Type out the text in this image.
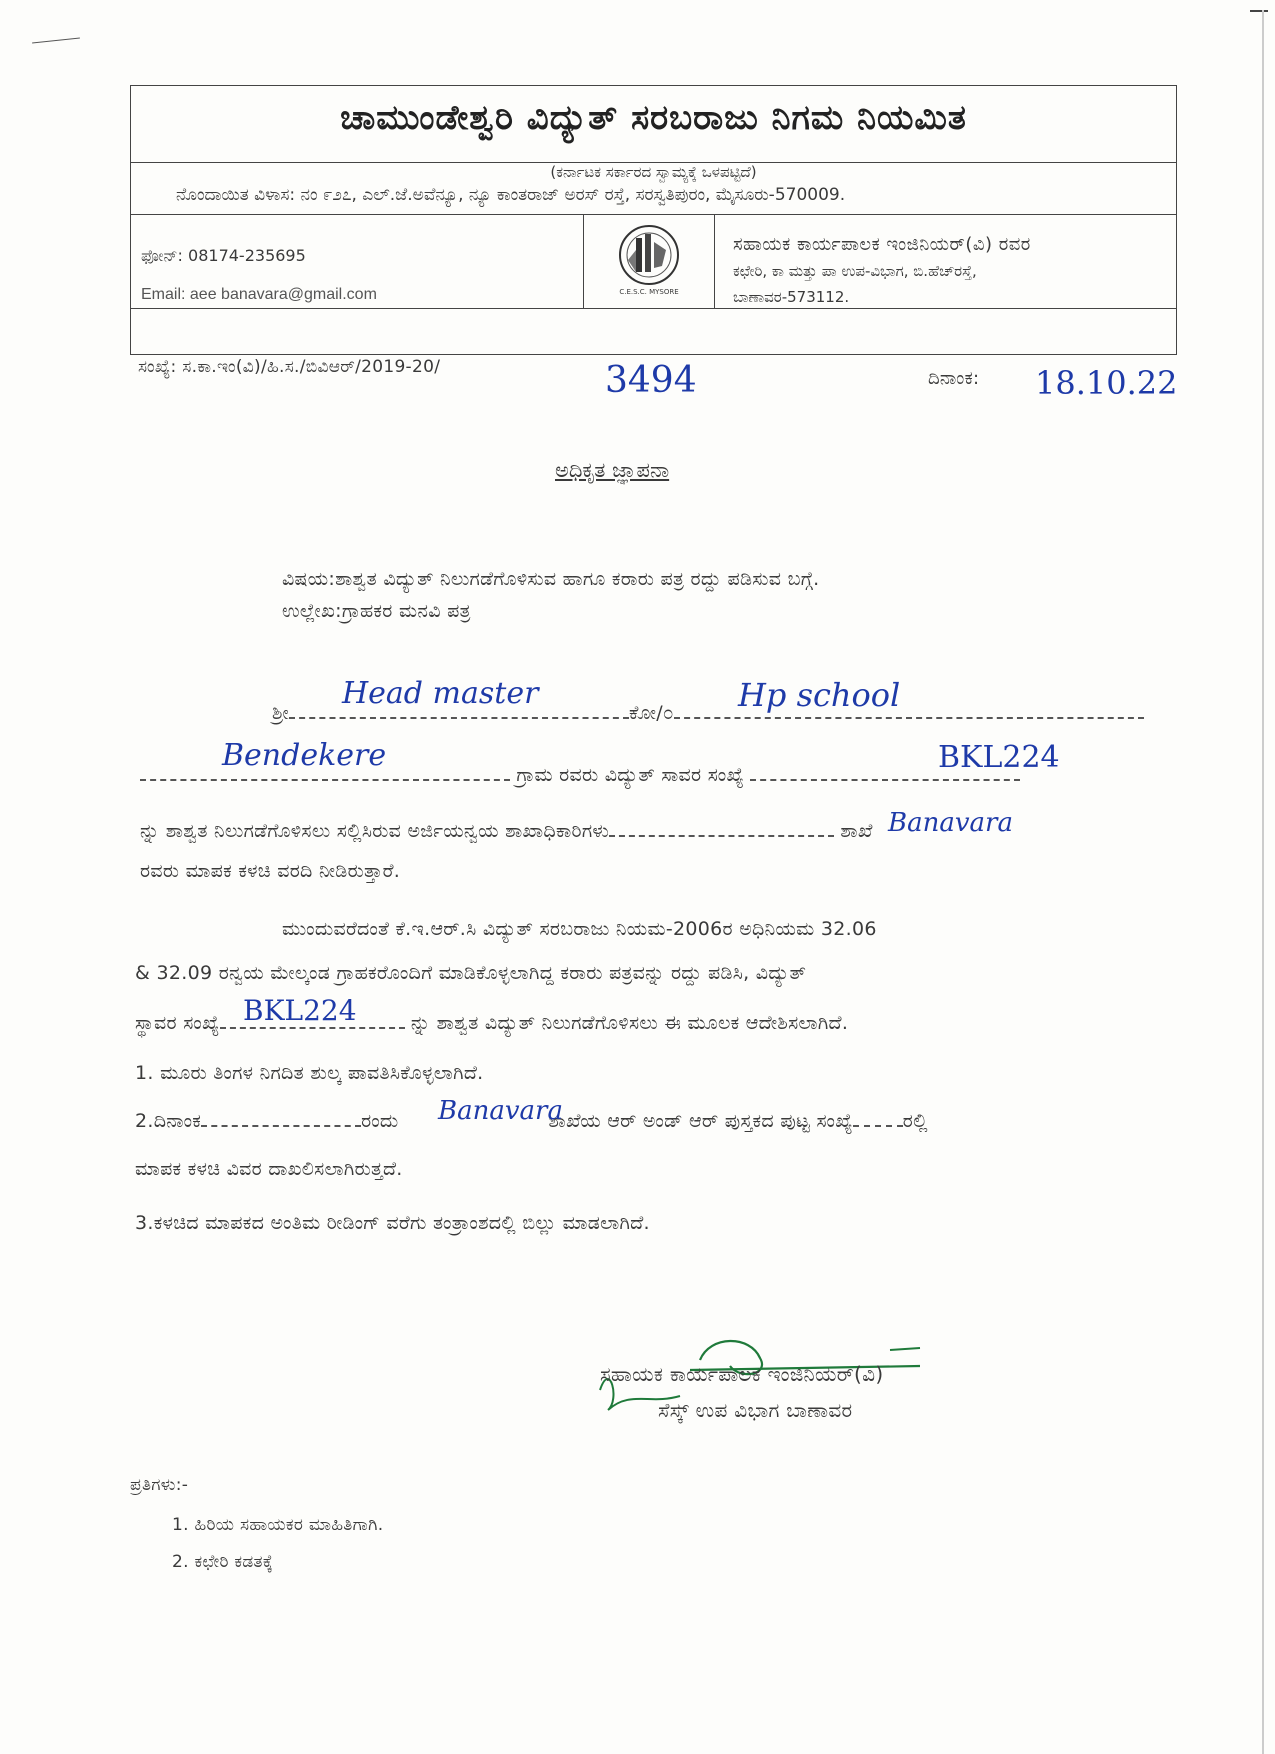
ಚಾಮುಂಡೇಶ್ವರಿ ವಿದ್ಯುತ್ ಸರಬರಾಜು ನಿಗಮ ನಿಯಮಿತ
(ಕರ್ನಾಟಕ ಸರ್ಕಾರದ ಸ್ವಾಮ್ಯಕ್ಕೆ ಒಳಪಟ್ಟಿದೆ)
ನೊಂದಾಯಿತ ವಿಳಾಸ: ನಂ ೯೨೭, ಎಲ್.ಜೆ.ಅವೆನ್ಯೂ, ನ್ಯೂ ಕಾಂತರಾಜ್ ಅರಸ್ ರಸ್ತೆ, ಸರಸ್ವತಿಪುರಂ, ಮೈಸೂರು-570009.
ಫೋನ್: 08174-235695
Email: aee banavara@gmail.com	C.E.S.C. MYSORE
ಸಹಾಯಕ ಕಾರ್ಯಪಾಲಕ ಇಂಜಿನಿಯರ್(ವಿ) ರವರ
ಕಛೇರಿ, ಕಾ ಮತ್ತು ಪಾ ಉಪ-ವಿಭಾಗ, ಬಿ.ಹೆಚ್‌ರಸ್ತೆ,
ಬಾಣಾವರ-573112.
ಸಂಖ್ಯೆ: ಸ.ಕಾ.ಇಂ(ವಿ)/ಹಿ.ಸ./ಬಿವಿಆರ್/2019-20/	3494	ದಿನಾಂಕ: 18.10.22
ಅಧಿಕೃತ ಜ್ಞಾಪನಾ
ವಿಷಯ:ಶಾಶ್ವತ ವಿದ್ಯುತ್ ನಿಲುಗಡೆಗೊಳಿಸುವ ಹಾಗೂ ಕರಾರು ಪತ್ರ ರದ್ದು ಪಡಿಸುವ ಬಗ್ಗೆ.
ಉಲ್ಲೇಖ:ಗ್ರಾಹಕರ ಮನವಿ ಪತ್ರ
ಶ್ರೀ	ಕೋ/೦
Head master	Hp school
ಗ್ರಾಮ ರವರು ವಿದ್ಯುತ್ ಸಾವರ ಸಂಖ್ಯೆ
Bendekere	BKL224
ನ್ನು ಶಾಶ್ವತ ನಿಲುಗಡೆಗೊಳಿಸಲು ಸಲ್ಲಿಸಿರುವ ಅರ್ಜಿಯನ್ವಯ ಶಾಖಾಧಿಕಾರಿಗಳು	ಶಾಖೆ Banavara
ರವರು ಮಾಪಕ ಕಳಚಿ ವರದಿ ನೀಡಿರುತ್ತಾರೆ.
ಮುಂದುವರೆದಂತೆ ಕೆ.ಇ.ಆರ್.ಸಿ ವಿದ್ಯುತ್ ಸರಬರಾಜು ನಿಯಮ-2006ರ ಅಧಿನಿಯಮ 32.06
& 32.09 ರನ್ವಯ ಮೇಲ್ಕಂಡ ಗ್ರಾಹಕರೊಂದಿಗೆ ಮಾಡಿಕೊಳ್ಳಲಾಗಿದ್ದ ಕರಾರು ಪತ್ರವನ್ನು ರದ್ದು ಪಡಿಸಿ, ವಿದ್ಯುತ್
ಸ್ಥಾವರ ಸಂಖ್ಯೆ	ನ್ನು ಶಾಶ್ವತ ವಿದ್ಯುತ್ ನಿಲುಗಡೆಗೊಳಿಸಲು ಈ ಮೂಲಕ ಆದೇಶಿಸಲಾಗಿದೆ.
BKL224
1. ಮೂರು ತಿಂಗಳ ನಿಗದಿತ ಶುಲ್ಕ ಪಾವತಿಸಿಕೊಳ್ಳಲಾಗಿದೆ.
2.ದಿನಾಂಕ	ರಂದು	ಶಾಖೆಯ ಆರ್ ಅಂಡ್ ಆರ್ ಪುಸ್ತಕದ ಪುಟ್ಟ ಸಂಖ್ಯೆ	ರಲ್ಲಿ
Banavara
ಮಾಪಕ ಕಳಚಿ ವಿವರ ದಾಖಲಿಸಲಾಗಿರುತ್ತದೆ.
3.ಕಳಚಿದ ಮಾಪಕದ ಅಂತಿಮ ರೀಡಿಂಗ್ ವರೆಗು ತಂತ್ರಾಂಶದಲ್ಲಿ ಬಿಲ್ಲು ಮಾಡಲಾಗಿದೆ.
ಸಹಾಯಕ ಕಾರ್ಯಪಾಲಕ ಇಂಜಿನಿಯರ್(ವಿ)
ಸೆಸ್ಕ್ ಉಪ ವಿಭಾಗ ಬಾಣಾವರ
ಪ್ರತಿಗಳು:-
1. ಹಿರಿಯ ಸಹಾಯಕರ ಮಾಹಿತಿಗಾಗಿ.
2. ಕಛೇರಿ ಕಡತಕ್ಕೆ
